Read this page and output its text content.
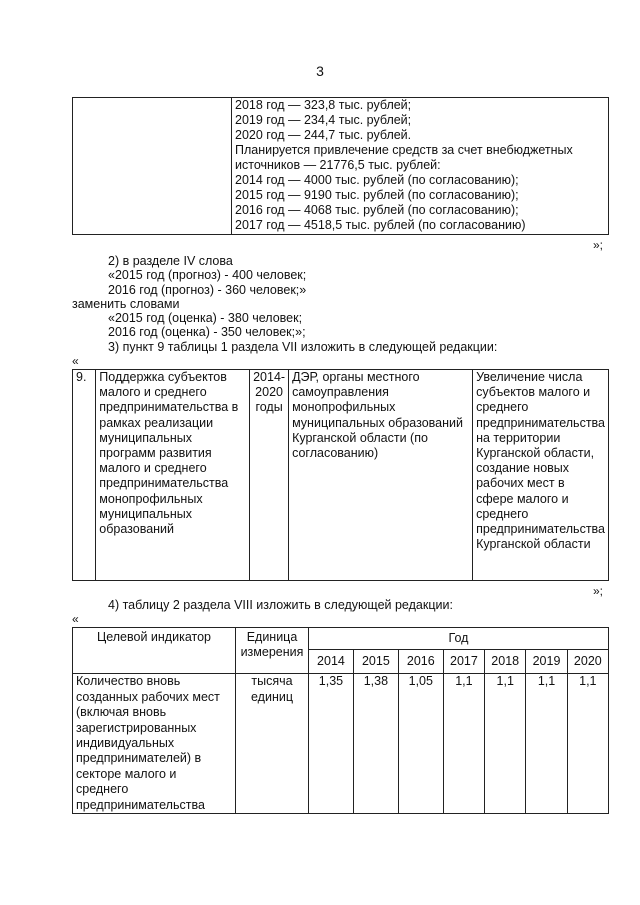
3

2018 год — 323,8 тыс. рублей;
2019 год — 234,4 тыс. рублей;
2020 год — 244,7 тыс. рублей.
Планируется привлечение средств за счет внебюджетных
источников — 21776,5 тыс. рублей:
2014 год — 4000 тыс. рублей (по согласованию);
2015 год — 9190 тыс. рублей (по согласованию);
2016 год — 4068 тыс. рублей (по согласованию);
2017 год — 4518,5 тыс. рублей (по согласованию)
»;
2) в разделе IV слова
«2015 год (прогноз) - 400 человек;
2016 год (прогноз) - 360 человек;»
заменить словами
«2015 год (оценка) - 380 человек;
2016 год (оценка) - 350 человек;»;
3) пункт 9 таблицы 1 раздела VII изложить в следующей редакции:
«
9.	Поддержка субъектов малого и среднего предпринимательства в рамках реализации муниципальных программ развития малого и среднего предпринимательства монопрофильных муниципальных образований	2014-2020 годы	ДЭР, органы местного самоуправления монопрофильных муниципальных образований Курганской области (по согласованию)	Увеличение числа субъектов малого и среднего предпринимательства на территории Курганской области, создание новых рабочих мест в сфере малого и среднего предпринимательства Курганской области
»;
4) таблицу 2 раздела VIII изложить в следующей редакции:
«
Целевой индикатор	Единица измерения	Год						
		2014	2015	2016	2017	2018	2019	2020
Количество вновь созданных рабочих мест (включая вновь зарегистрированных индивидуальных предпринимателей) в секторе малого и среднего предпринимательства	тысяча единиц	1,35	1,38	1,05	1,1	1,1	1,1	1,1
